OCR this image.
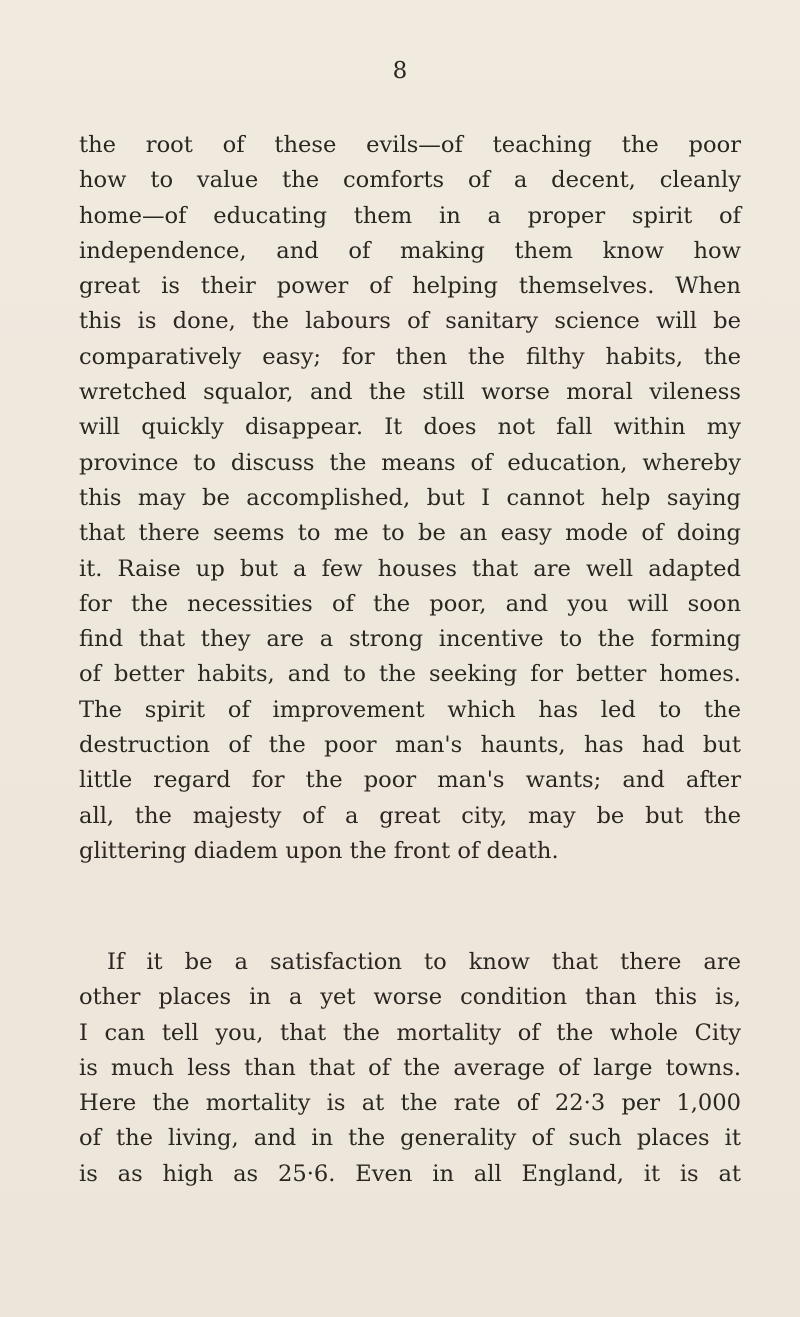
8
the root of these evils—of teaching the poor
how to value the comforts of a decent, cleanly
home—of educating them in a proper spirit of
independence, and of making them know how
great is their power of helping themselves. When
this is done, the labours of sanitary science will be
comparatively easy; for then the filthy habits, the
wretched squalor, and the still worse moral vileness
will quickly disappear. It does not fall within my
province to discuss the means of education, whereby
this may be accomplished, but I cannot help saying
that there seems to me to be an easy mode of doing
it. Raise up but a few houses that are well adapted
for the necessities of the poor, and you will soon
find that they are a strong incentive to the forming
of better habits, and to the seeking for better homes.
The spirit of improvement which has led to the
destruction of the poor man's haunts, has had but
little regard for the poor man's wants; and after
all, the majesty of a great city, may be but the
glittering diadem upon the front of death.
If it be a satisfaction to know that there are
other places in a yet worse condition than this is,
I can tell you, that the mortality of the whole City
is much less than that of the average of large towns.
Here the mortality is at the rate of 22·3 per 1,000
of the living, and in the generality of such places it
is as high as 25·6. Even in all England, it is at
